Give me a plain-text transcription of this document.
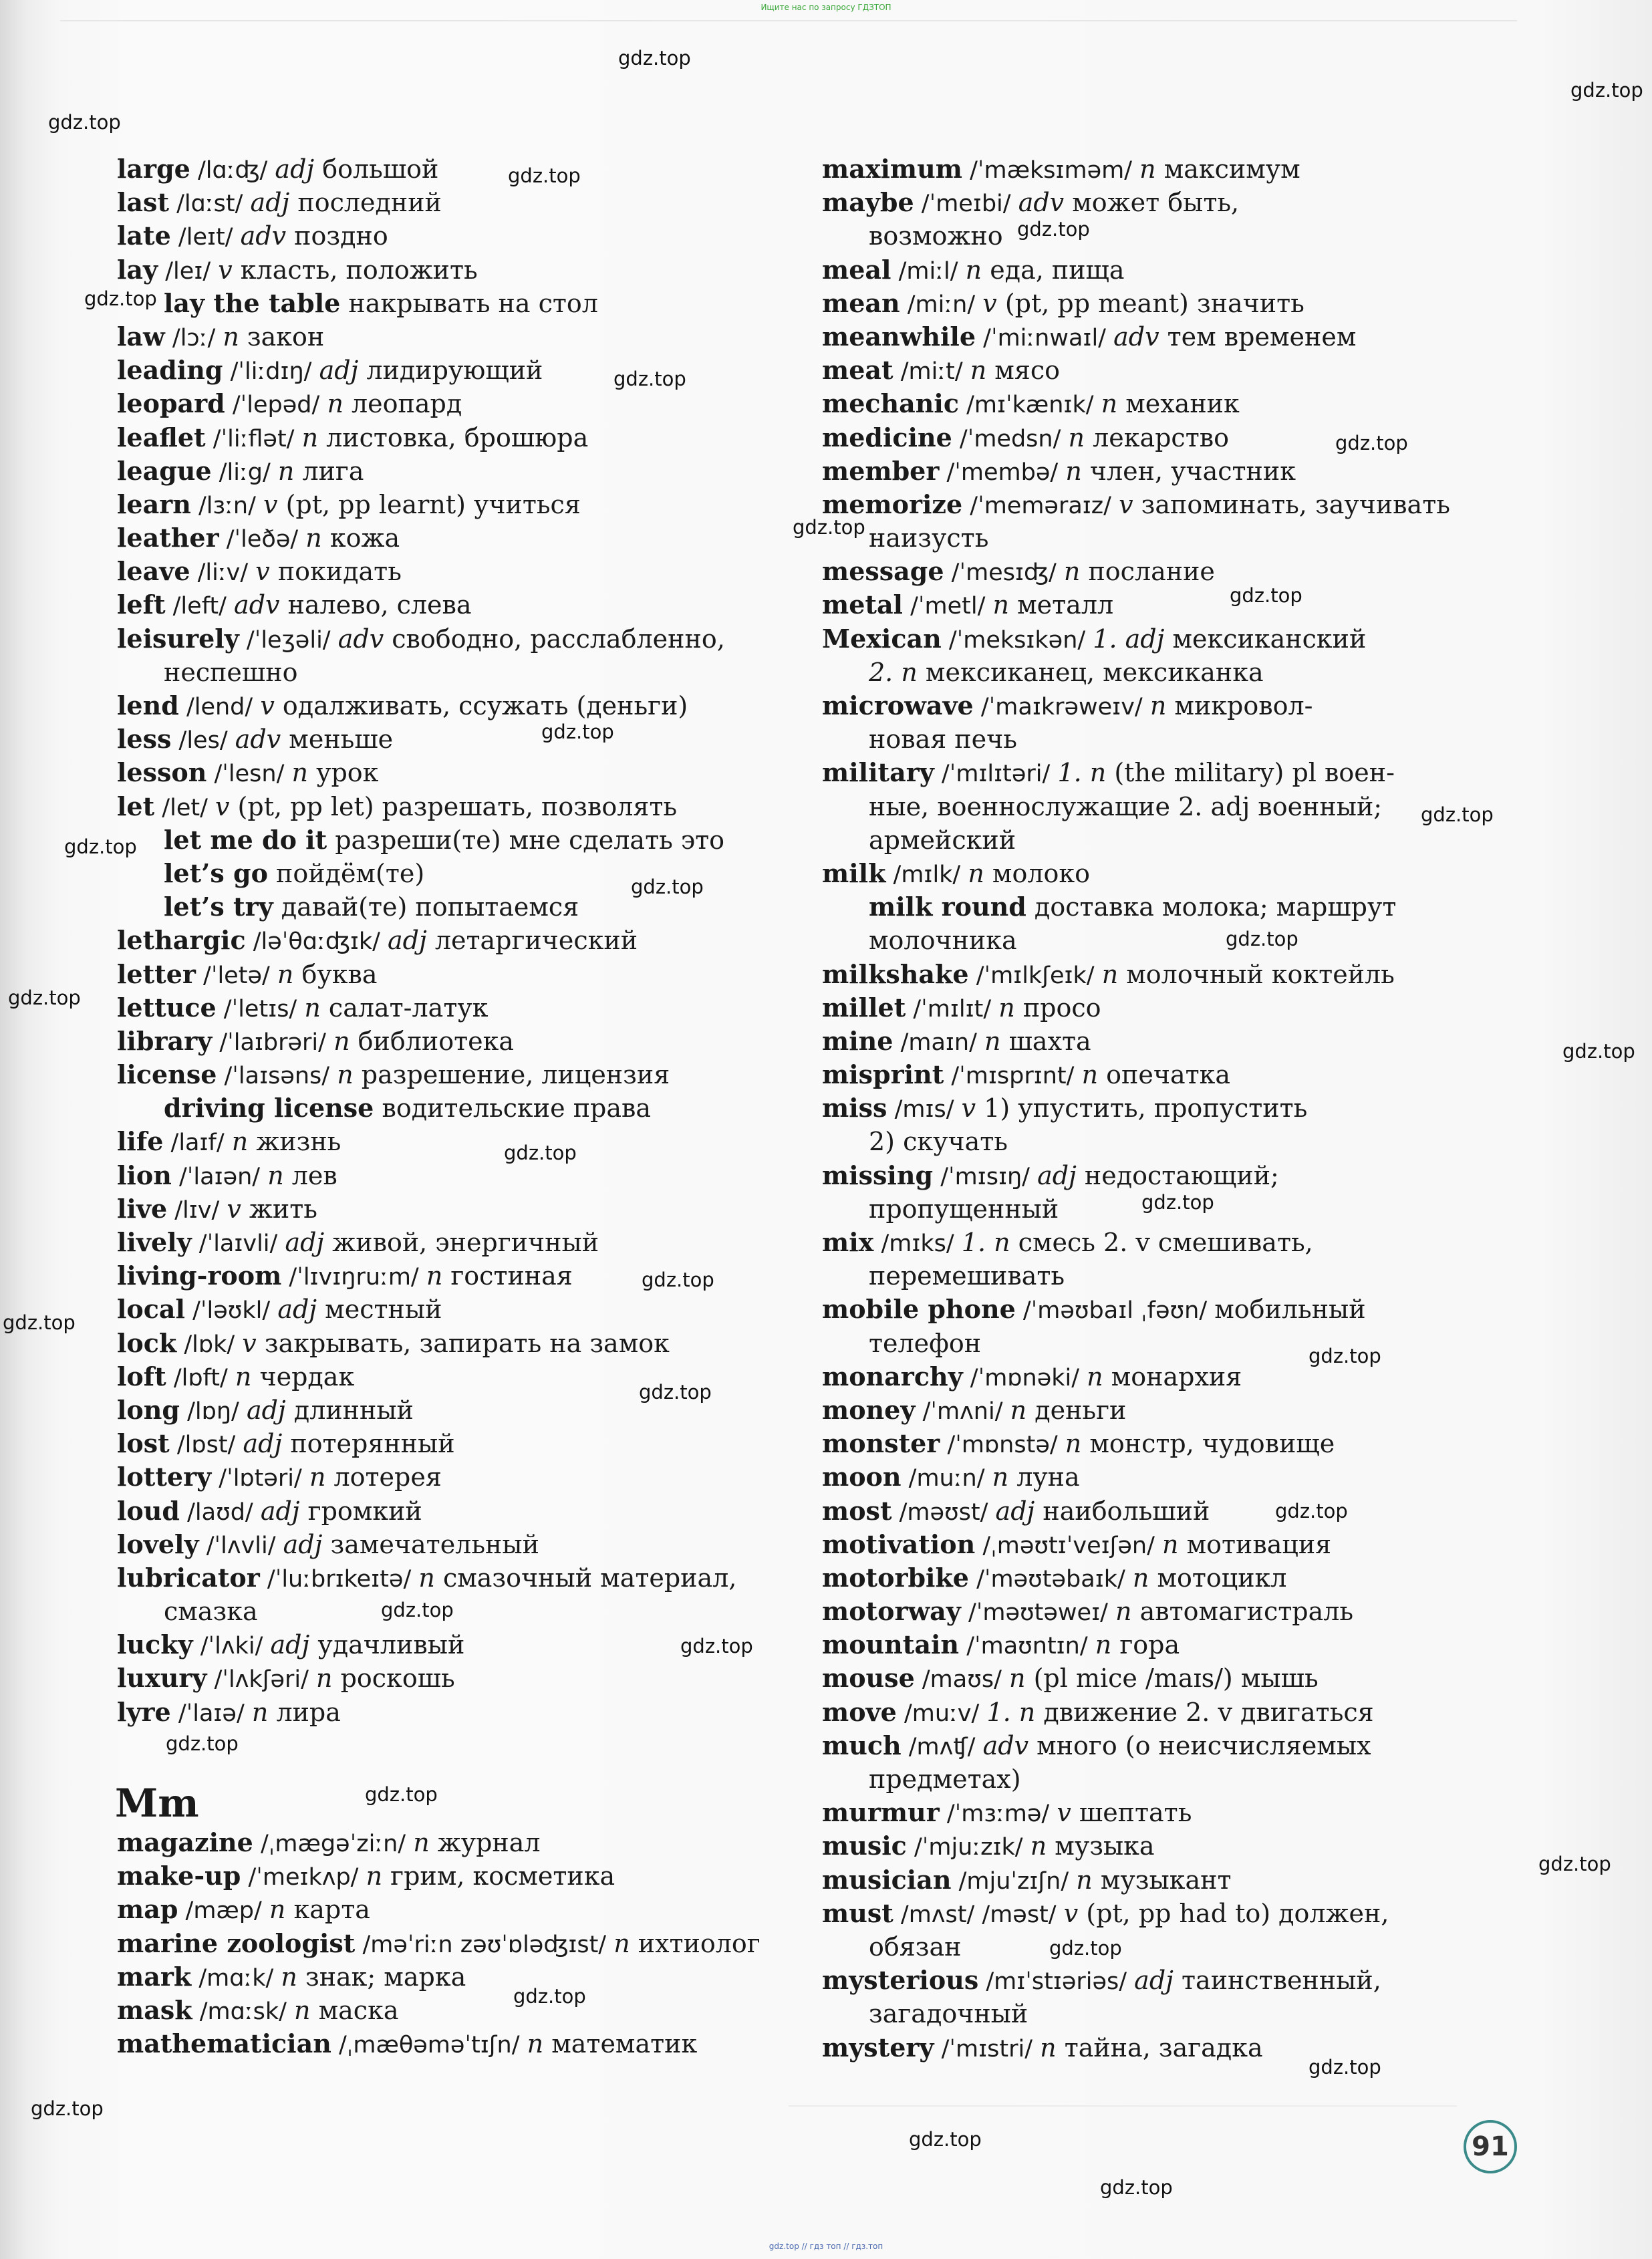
Ищите нас по запросу ГДЗТОП
large /lɑːʤ/ adj большой
last /lɑːst/ adj последний
late /leɪt/ adv поздно
lay /leɪ/ v класть, положить
lay the table накрывать на стол
law /lɔː/ n закон
leading /ˈliːdɪŋ/ adj лидирующий
leopard /ˈlepəd/ n леопард
leaflet /ˈliːflət/ n листовка, брошюра
league /liːg/ n лига
learn /lɜːn/ v (pt, pp learnt) учиться
leather /ˈleðə/ n кожа
leave /liːv/ v покидать
left /left/ adv налево, слева
leisurely /ˈleʒəli/ adv свободно, расслабленно,
неспешно
lend /lend/ v одалживать, ссужать (деньги)
less /les/ adv меньше
lesson /ˈlesn/ n урок
let /let/ v (pt, pp let) разрешать, позволять
let me do it разреши(те) мне сделать это
let’s go пойдём(те)
let’s try давай(те) попытаемся
lethargic /ləˈθɑːʤɪk/ adj летаргический
letter /ˈletə/ n буква
lettuce /ˈletɪs/ n салат-латук
library /ˈlaɪbrəri/ n библиотека
license /ˈlaɪsəns/ n разрешение, лицензия
driving license водительские права
life /laɪf/ n жизнь
lion /ˈlaɪən/ n лев
live /lɪv/ v жить
lively /ˈlaɪvli/ adj живой, энергичный
living-room /ˈlɪvɪŋruːm/ n гостиная
local /ˈləʊkl/ adj местный
lock /lɒk/ v закрывать, запирать на замок
loft /lɒft/ n чердак
long /lɒŋ/ adj длинный
lost /lɒst/ adj потерянный
lottery /ˈlɒtəri/ n лотерея
loud /laʊd/ adj громкий
lovely /ˈlʌvli/ adj замечательный
lubricator /ˈluːbrɪkeɪtə/ n смазочный материал,
смазка
lucky /ˈlʌki/ adj удачливый
luxury /ˈlʌkʃəri/ n роскошь
lyre /ˈlaɪə/ n лира
Mm
magazine /ˌmægəˈziːn/ n журнал
make-up /ˈmeɪkʌp/ n грим, косметика
map /mæp/ n карта
marine zoologist /məˈriːn zəʊˈɒləʤɪst/ n ихтиолог
mark /mɑːk/ n знак; марка
mask /mɑːsk/ n маска
mathematician /ˌmæθəməˈtɪʃn/ n математик
maximum /ˈmæksɪməm/ n максимум
maybe /ˈmeɪbi/ adv может быть,
возможно
meal /miːl/ n еда, пища
mean /miːn/ v (pt, pp meant) значить
meanwhile /ˈmiːnwaɪl/ adv тем временем
meat /miːt/ n мясо
mechanic /mɪˈkænɪk/ n механик
medicine /ˈmedsn/ n лекарство
member /ˈmembə/ n член, участник
memorize /ˈmeməraɪz/ v запоминать, заучивать
наизусть
message /ˈmesɪʤ/ n послание
metal /ˈmetl/ n металл
Mexican /ˈmeksɪkən/ 1. adj мексиканский
2. n мексиканец, мексиканка
microwave /ˈmaɪkrəweɪv/ n микровол-
новая печь
military /ˈmɪlɪtəri/ 1. n (the military) pl воен-
ные, военнослужащие 2. adj военный;
армейский
milk /mɪlk/ n молоко
milk round доставка молока; маршрут
молочника
milkshake /ˈmɪlkʃeɪk/ n молочный коктейль
millet /ˈmɪlɪt/ n просо
mine /maɪn/ n шахта
misprint /ˈmɪsprɪnt/ n опечатка
miss /mɪs/ v 1) упустить, пропустить
2) скучать
missing /ˈmɪsɪŋ/ adj недостающий;
пропущенный
mix /mɪks/ 1. n смесь 2. v смешивать,
перемешивать
mobile phone /ˈməʊbaɪl ˌfəʊn/ мобильный
телефон
monarchy /ˈmɒnəki/ n монархия
money /ˈmʌni/ n деньги
monster /ˈmɒnstə/ n монстр, чудовище
moon /muːn/ n луна
most /məʊst/ adj наибольший
motivation /ˌməʊtɪˈveɪʃən/ n мотивация
motorbike /ˈməʊtəbaɪk/ n мотоцикл
motorway /ˈməʊtəweɪ/ n автомагистраль
mountain /ˈmaʊntɪn/ n гора
mouse /maʊs/ n (pl mice /maɪs/) мышь
move /muːv/ 1. n движение 2. v двигаться
much /mʌʧ/ adv много (о неисчисляемых
предметах)
murmur /ˈmɜːmə/ v шептать
music /ˈmjuːzɪk/ n музыка
musician /mjuˈzɪʃn/ n музыкант
must /mʌst/ /məst/ v (pt, pp had to) должен,
обязан
mysterious /mɪˈstɪəriəs/ adj таинственный,
загадочный
mystery /ˈmɪstri/ n тайна, загадка
91
gdz.top // гдз топ // гдз.топ
gdz.top
gdz.top
gdz.top
gdz.top
gdz.top
gdz.top
gdz.top
gdz.top
gdz.top
gdz.top
gdz.top
gdz.top
gdz.top
gdz.top
gdz.top
gdz.top
gdz.top
gdz.top
gdz.top
gdz.top
gdz.top
gdz.top
gdz.top
gdz.top
gdz.top
gdz.top
gdz.top
gdz.top
gdz.top
gdz.top
gdz.top
gdz.top
gdz.top
gdz.top
gdz.top
